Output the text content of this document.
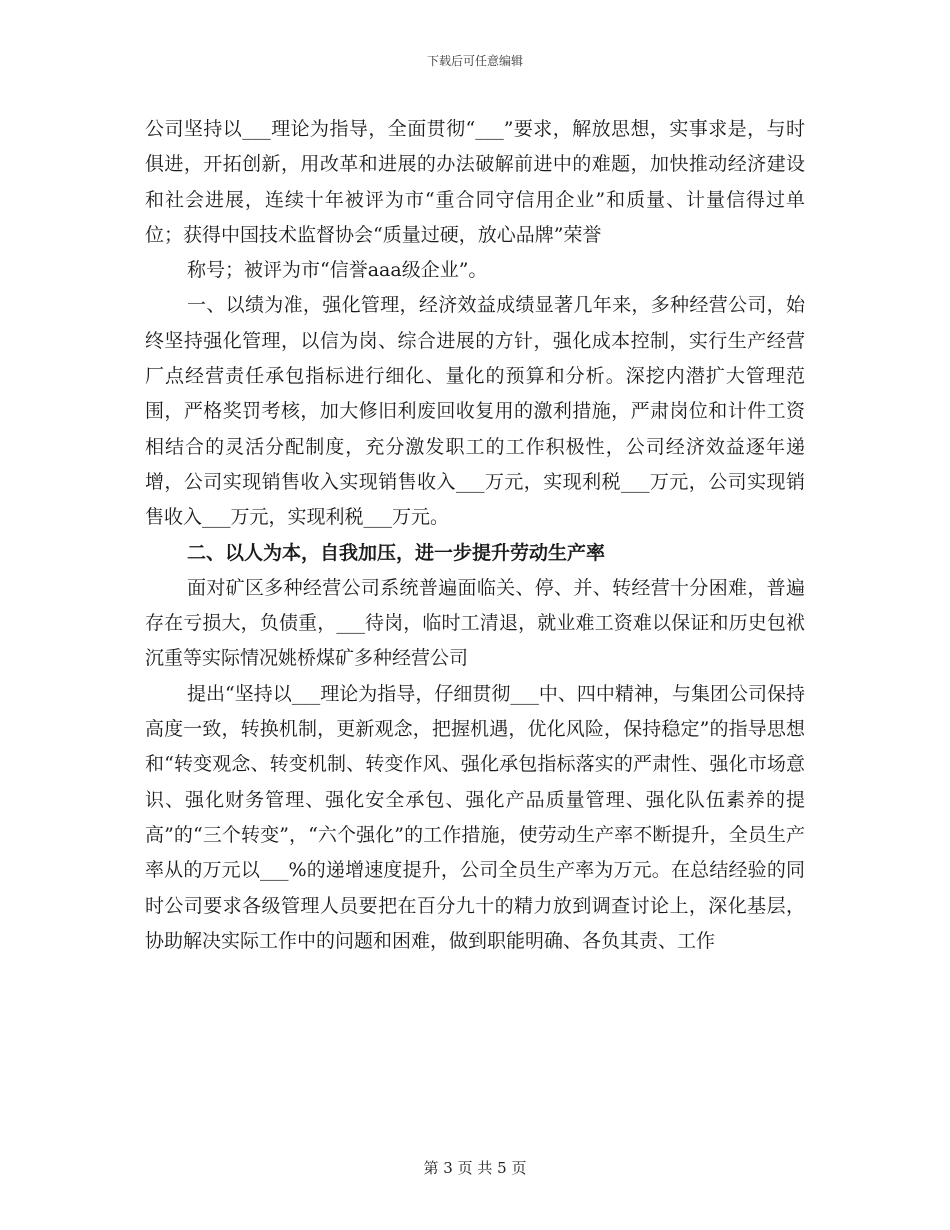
下载后可任意编辑

公司坚持以___理论为指导，全面贯彻“___”要求，解放思想，实事求是，与时俱进，开拓创新，用改革和进展的办法破解前进中的难题，加快推动经济建设和社会进展，连续十年被评为市“重合同守信用企业”和质量、计量信得过单位；获得中国技术监督协会“质量过硬，放心品牌”荣誉

称号；被评为市“信誉aaa级企业”。

一、以绩为准，强化管理，经济效益成绩显著几年来，多种经营公司，始终坚持强化管理，以信为岗、综合进展的方针，强化成本控制，实行生产经营厂点经营责任承包指标进行细化、量化的预算和分析。深挖内潜扩大管理范围，严格奖罚考核，加大修旧利废回收复用的激利措施，严肃岗位和计件工资相结合的灵活分配制度，充分激发职工的工作积极性，公司经济效益逐年递增，公司实现销售收入实现销售收入___万元，实现利税___万元，公司实现销售收入___万元，实现利税___万元。

二、以人为本，自我加压，进一步提升劳动生产率

面对矿区多种经营公司系统普遍面临关、停、并、转经营十分困难，普遍存在亏损大，负债重，___待岗，临时工清退，就业难工资难以保证和历史包袱沉重等实际情况姚桥煤矿多种经营公司

提出“坚持以___理论为指导，仔细贯彻___中、四中精神，与集团公司保持高度一致，转换机制，更新观念，把握机遇，优化风险，保持稳定”的指导思想和“转变观念、转变机制、转变作风、强化承包指标落实的严肃性、强化市场意识、强化财务管理、强化安全承包、强化产品质量管理、强化队伍素养的提高”的“三个转变”，“六个强化”的工作措施，使劳动生产率不断提升，全员生产率从的万元以___%的递增速度提升，公司全员生产率为万元。在总结经验的同时公司要求各级管理人员要把在百分九十的精力放到调查讨论上，深化基层，协助解决实际工作中的问题和困难，做到职能明确、各负其责、工作

第 3 页 共 5 页
